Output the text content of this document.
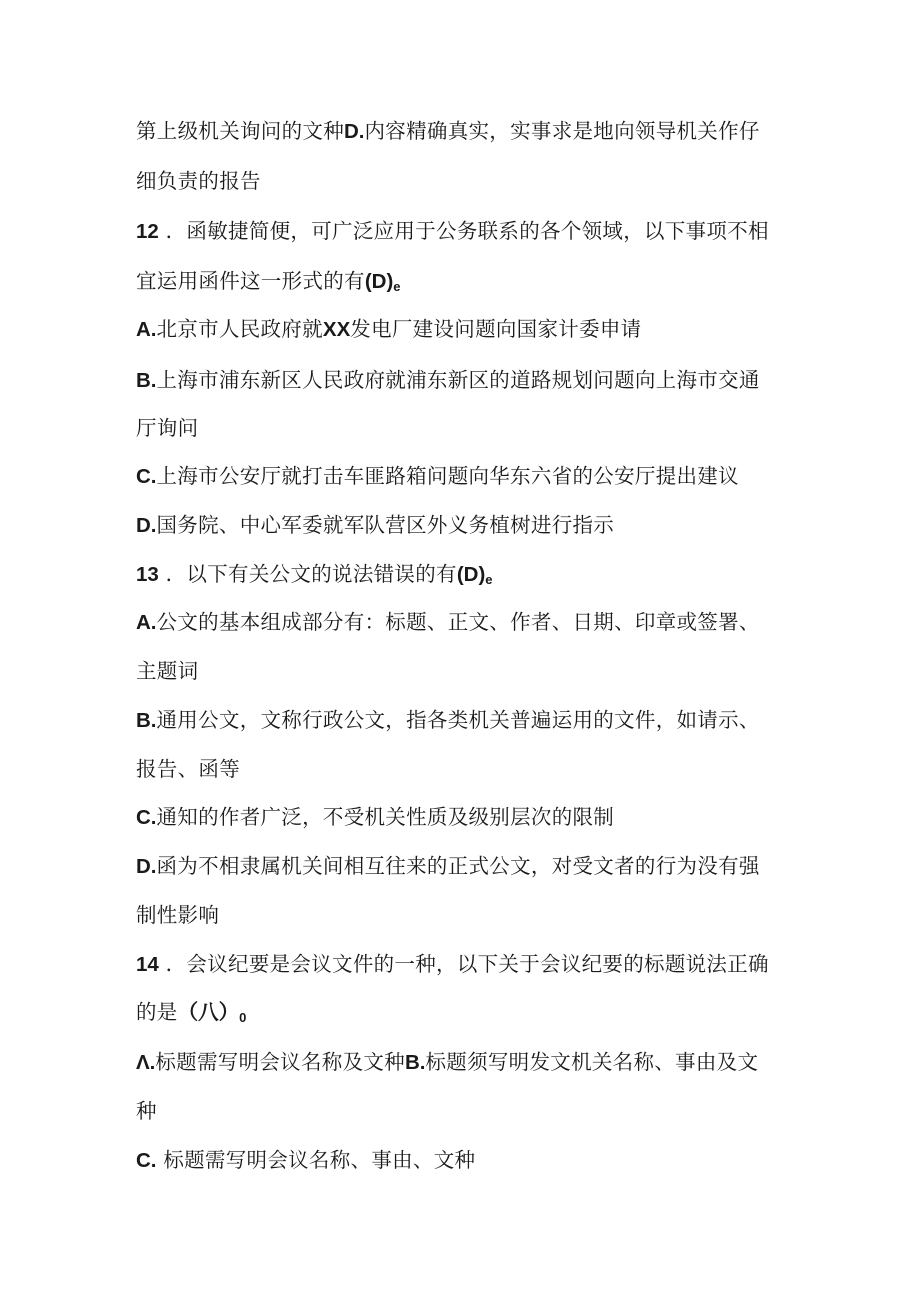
第上级机关询问的文种D.内容精确真实，实事求是地向领导机关作仔
细负责的报告
12 ．函敏捷简便，可广泛应用于公务联系的各个领域，以下事项不相
宜运用函件这一形式的有(D)e
A.北京市人民政府就XX发电厂建设问题向国家计委申请
B.上海市浦东新区人民政府就浦东新区的道路规划问题向上海市交通
厅询问
C.上海市公安厅就打击车匪路箱问题向华东六省的公安厅提出建议
D.国务院、中心军委就军队营区外义务植树进行指示
13 ．以下有关公文的说法错误的有(D)e
A.公文的基本组成部分有：标题、正文、作者、日期、印章或签署、
主题词
B.通用公文，文称行政公文，指各类机关普遍运用的文件，如请示、
报告、函等
C.通知的作者广泛，不受机关性质及级别层次的限制
D.函为不相隶属机关间相互往来的正式公文，对受文者的行为没有强
制性影响
14 ．会议纪要是会议文件的一种，以下关于会议纪要的标题说法正确
的是（八）0
Λ.标题需写明会议名称及文种B.标题须写明发文机关名称、事由及文
种
C. 标题需写明会议名称、事由、文种
